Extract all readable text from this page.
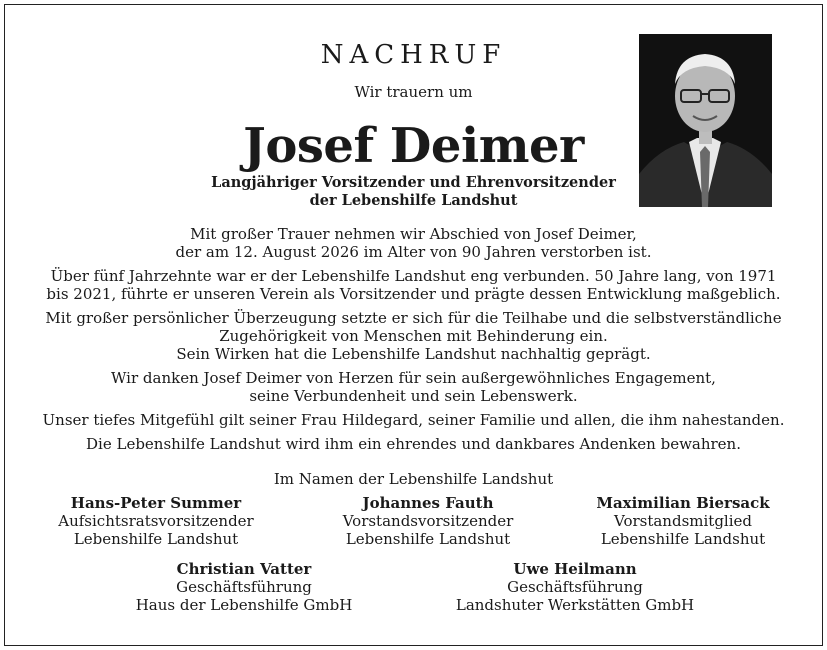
NACHRUF
Wir trauern um
Josef Deimer
Langjähriger Vorsitzender und Ehrenvorsitzender
der Lebenshilfe Landshut

Mit großer Trauer nehmen wir Abschied von Josef Deimer,
der am 12. August 2026 im Alter von 90 Jahren verstorben ist.

Über fünf Jahrzehnte war er der Lebenshilfe Landshut eng verbunden. 50 Jahre lang, von 1971
bis 2021, führte er unseren Verein als Vorsitzender und prägte dessen Entwicklung maßgeblich.

Mit großer persönlicher Überzeugung setzte er sich für die Teilhabe und die selbstverständliche
Zugehörigkeit von Menschen mit Behinderung ein.
Sein Wirken hat die Lebenshilfe Landshut nachhaltig geprägt.

Wir danken Josef Deimer von Herzen für sein außergewöhnliches Engagement,
seine Verbundenheit und sein Lebenswerk.

Unser tiefes Mitgefühl gilt seiner Frau Hildegard, seiner Familie und allen, die ihm nahestanden.

Die Lebenshilfe Landshut wird ihm ein ehrendes und dankbares Andenken bewahren.

Im Namen der Lebenshilfe Landshut
Hans-Peter Summer
Aufsichtsratsvorsitzender
Lebenshilfe Landshut
Johannes Fauth
Vorstandsvorsitzender
Lebenshilfe Landshut
Maximilian Biersack
Vorstandsmitglied
Lebenshilfe Landshut
Christian Vatter
Geschäftsführung
Haus der Lebenshilfe GmbH
Uwe Heilmann
Geschäftsführung
Landshuter Werkstätten GmbH
